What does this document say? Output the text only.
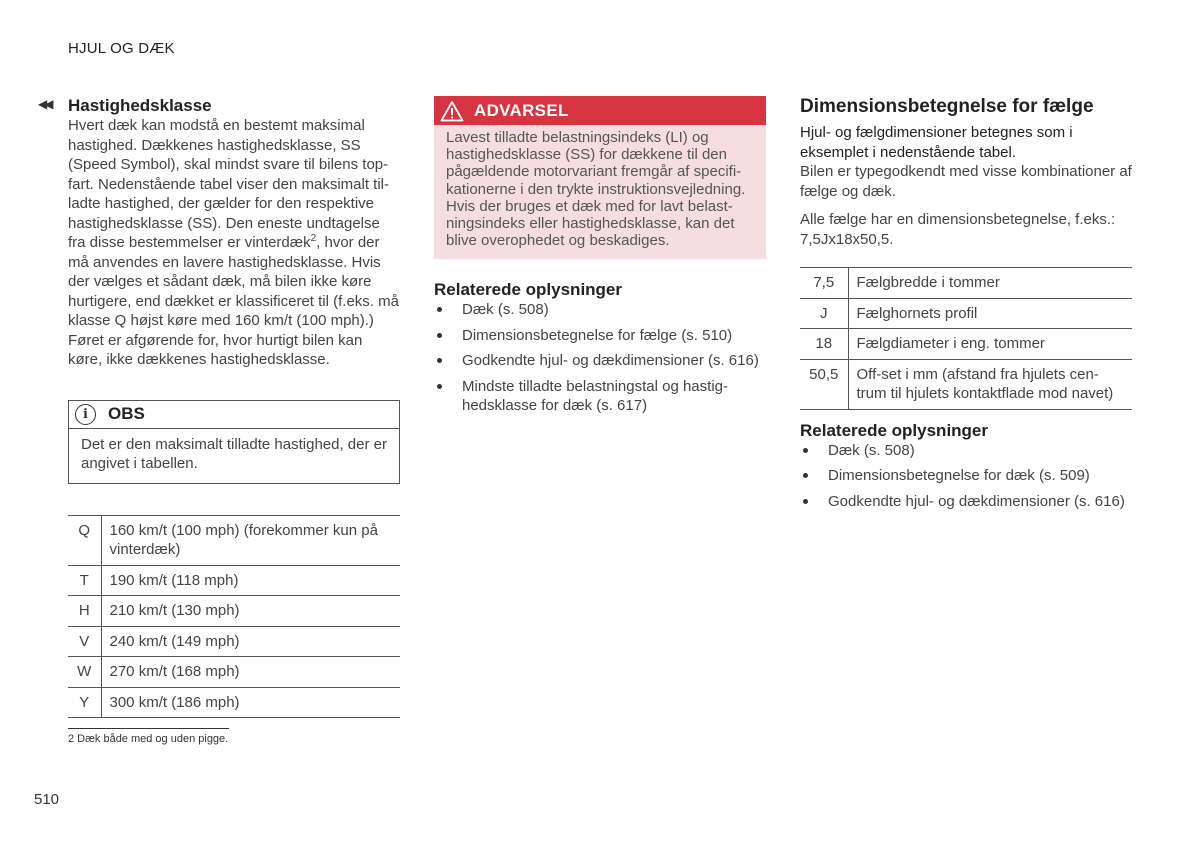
HJUL OG DÆK
◀◀ Hastighedsklasse

Hvert dæk kan modstå en bestemt maksimal hastighed. Dækkenes hastighedsklasse, SS (Speed Symbol), skal mindst svare til bilens top-fart. Nedenstående tabel viser den maksimalt til-ladte hastighed, der gælder for den respektive hastighedsklasse (SS). Den eneste undtagelse fra disse bestemmelser er vinterdæk$^2$, hvor der må anvendes en lavere hastighedsklasse. Hvis der vælges et sådant dæk, må bilen ikke køre hurtigere, end dækket er klassificeret til (f.eks. må klasse Q højst køre med 160 km/t (100 mph).) Føret er afgørende for, hvor hurtigt bilen kan køre, ikke dækkenes hastighedsklasse.

i	OBS
Det er den maksimalt tilladte hastighed, der er angivet i tabellen.
Q	160 km/t (100 mph) (forekommer kun på vinterdæk)
T	190 km/t (118 mph)
H	210 km/t (130 mph)
V	240 km/t (149 mph)
W	270 km/t (168 mph)
Y	300 km/t (186 mph)
ADVARSEL
Lavest tilladte belastningsindeks (LI) og hastighedsklasse (SS) for dækkene til den pågældende motorvariant fremgår af specifi-kationerne i den trykte instruktionsvejledning. Hvis der bruges et dæk med for lavt belast-ningsindeks eller hastighedsklasse, kan det blive overophedet og beskadiges.
Relaterede oplysninger
Dæk (s. 508)
Dimensionsbetegnelse for fælge (s. 510)
Godkendte hjul- og dækdimensioner (s. 616)
Mindste tilladte belastningstal og hastig-hedsklasse for dæk (s. 617)
Dimensionsbetegnelse for fælge

Hjul- og fælgdimensioner betegnes som i eksemplet i nedenstående tabel.

Bilen er typegodkendt med visse kombinationer af fælge og dæk.

Alle fælge har en dimensionsbetegnelse, f.eks.: 7,5Jx18x50,5.

7,5	Fælgbredde i tommer
J	Fælghornets profil
18	Fælgdiameter i eng. tommer
50,5	Off-set i mm (afstand fra hjulets cen-trum til hjulets kontaktflade mod navet)
Relaterede oplysninger
Dæk (s. 508)
Dimensionsbetegnelse for dæk (s. 509)
Godkendte hjul- og dækdimensioner (s. 616)
2 Dæk både med og uden pigge.
510
